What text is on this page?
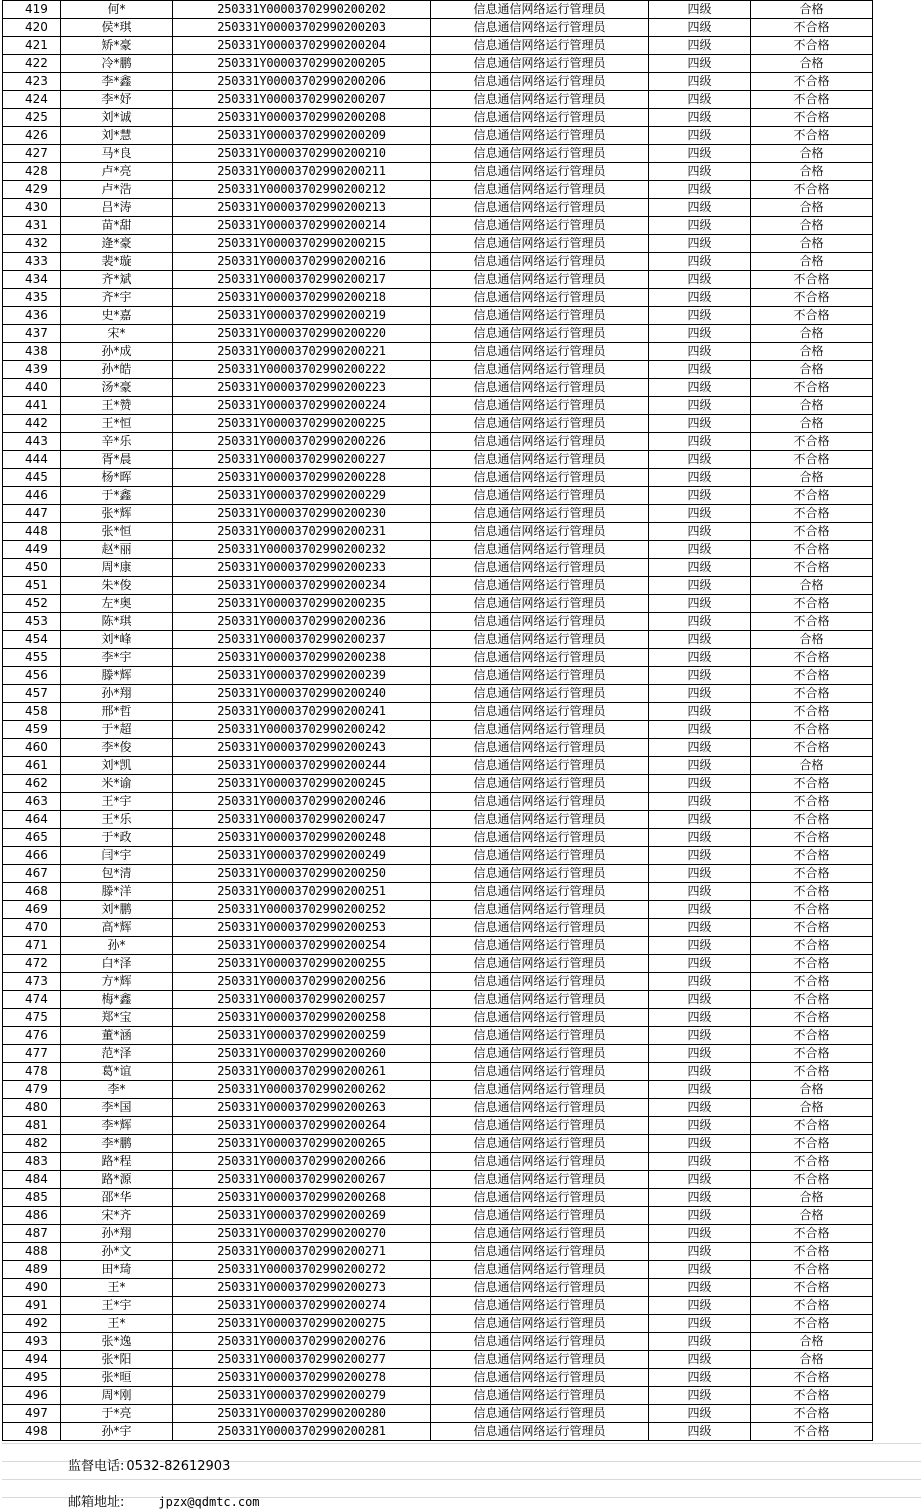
419	何*	250331Y00003702990200202	信息通信网络运行管理员	四级	合格
420	侯*琪	250331Y00003702990200203	信息通信网络运行管理员	四级	不合格
421	矫*豪	250331Y00003702990200204	信息通信网络运行管理员	四级	不合格
422	冷*鹏	250331Y00003702990200205	信息通信网络运行管理员	四级	合格
423	李*鑫	250331Y00003702990200206	信息通信网络运行管理员	四级	不合格
424	李*妤	250331Y00003702990200207	信息通信网络运行管理员	四级	不合格
425	刘*诚	250331Y00003702990200208	信息通信网络运行管理员	四级	不合格
426	刘*慧	250331Y00003702990200209	信息通信网络运行管理员	四级	不合格
427	马*良	250331Y00003702990200210	信息通信网络运行管理员	四级	合格
428	卢*亮	250331Y00003702990200211	信息通信网络运行管理员	四级	合格
429	卢*浩	250331Y00003702990200212	信息通信网络运行管理员	四级	不合格
430	吕*涛	250331Y00003702990200213	信息通信网络运行管理员	四级	合格
431	苗*甜	250331Y00003702990200214	信息通信网络运行管理员	四级	合格
432	逄*豪	250331Y00003702990200215	信息通信网络运行管理员	四级	合格
433	裴*璇	250331Y00003702990200216	信息通信网络运行管理员	四级	合格
434	齐*斌	250331Y00003702990200217	信息通信网络运行管理员	四级	不合格
435	齐*宇	250331Y00003702990200218	信息通信网络运行管理员	四级	不合格
436	史*嘉	250331Y00003702990200219	信息通信网络运行管理员	四级	不合格
437	宋*	250331Y00003702990200220	信息通信网络运行管理员	四级	合格
438	孙*成	250331Y00003702990200221	信息通信网络运行管理员	四级	合格
439	孙*皓	250331Y00003702990200222	信息通信网络运行管理员	四级	合格
440	汤*豪	250331Y00003702990200223	信息通信网络运行管理员	四级	不合格
441	王*赞	250331Y00003702990200224	信息通信网络运行管理员	四级	合格
442	王*恒	250331Y00003702990200225	信息通信网络运行管理员	四级	合格
443	辛*乐	250331Y00003702990200226	信息通信网络运行管理员	四级	不合格
444	胥*晨	250331Y00003702990200227	信息通信网络运行管理员	四级	不合格
445	杨*晖	250331Y00003702990200228	信息通信网络运行管理员	四级	合格
446	于*鑫	250331Y00003702990200229	信息通信网络运行管理员	四级	不合格
447	张*辉	250331Y00003702990200230	信息通信网络运行管理员	四级	不合格
448	张*恒	250331Y00003702990200231	信息通信网络运行管理员	四级	不合格
449	赵*丽	250331Y00003702990200232	信息通信网络运行管理员	四级	不合格
450	周*康	250331Y00003702990200233	信息通信网络运行管理员	四级	不合格
451	朱*俊	250331Y00003702990200234	信息通信网络运行管理员	四级	合格
452	左*奥	250331Y00003702990200235	信息通信网络运行管理员	四级	不合格
453	陈*琪	250331Y00003702990200236	信息通信网络运行管理员	四级	不合格
454	刘*峰	250331Y00003702990200237	信息通信网络运行管理员	四级	合格
455	李*宇	250331Y00003702990200238	信息通信网络运行管理员	四级	不合格
456	滕*辉	250331Y00003702990200239	信息通信网络运行管理员	四级	不合格
457	孙*翔	250331Y00003702990200240	信息通信网络运行管理员	四级	不合格
458	邢*哲	250331Y00003702990200241	信息通信网络运行管理员	四级	不合格
459	于*超	250331Y00003702990200242	信息通信网络运行管理员	四级	不合格
460	李*俊	250331Y00003702990200243	信息通信网络运行管理员	四级	不合格
461	刘*凯	250331Y00003702990200244	信息通信网络运行管理员	四级	合格
462	米*谕	250331Y00003702990200245	信息通信网络运行管理员	四级	不合格
463	王*宇	250331Y00003702990200246	信息通信网络运行管理员	四级	不合格
464	王*乐	250331Y00003702990200247	信息通信网络运行管理员	四级	不合格
465	于*政	250331Y00003702990200248	信息通信网络运行管理员	四级	不合格
466	闫*宇	250331Y00003702990200249	信息通信网络运行管理员	四级	不合格
467	包*清	250331Y00003702990200250	信息通信网络运行管理员	四级	不合格
468	滕*洋	250331Y00003702990200251	信息通信网络运行管理员	四级	不合格
469	刘*鹏	250331Y00003702990200252	信息通信网络运行管理员	四级	不合格
470	高*辉	250331Y00003702990200253	信息通信网络运行管理员	四级	不合格
471	孙*	250331Y00003702990200254	信息通信网络运行管理员	四级	不合格
472	白*泽	250331Y00003702990200255	信息通信网络运行管理员	四级	不合格
473	方*辉	250331Y00003702990200256	信息通信网络运行管理员	四级	不合格
474	梅*鑫	250331Y00003702990200257	信息通信网络运行管理员	四级	不合格
475	郑*宝	250331Y00003702990200258	信息通信网络运行管理员	四级	不合格
476	董*涵	250331Y00003702990200259	信息通信网络运行管理员	四级	不合格
477	范*泽	250331Y00003702990200260	信息通信网络运行管理员	四级	不合格
478	葛*谊	250331Y00003702990200261	信息通信网络运行管理员	四级	不合格
479	李*	250331Y00003702990200262	信息通信网络运行管理员	四级	合格
480	李*国	250331Y00003702990200263	信息通信网络运行管理员	四级	合格
481	李*辉	250331Y00003702990200264	信息通信网络运行管理员	四级	不合格
482	李*鹏	250331Y00003702990200265	信息通信网络运行管理员	四级	不合格
483	路*程	250331Y00003702990200266	信息通信网络运行管理员	四级	不合格
484	路*源	250331Y00003702990200267	信息通信网络运行管理员	四级	不合格
485	邵*华	250331Y00003702990200268	信息通信网络运行管理员	四级	合格
486	宋*齐	250331Y00003702990200269	信息通信网络运行管理员	四级	合格
487	孙*翔	250331Y00003702990200270	信息通信网络运行管理员	四级	不合格
488	孙*文	250331Y00003702990200271	信息通信网络运行管理员	四级	不合格
489	田*琦	250331Y00003702990200272	信息通信网络运行管理员	四级	不合格
490	王*	250331Y00003702990200273	信息通信网络运行管理员	四级	不合格
491	王*宇	250331Y00003702990200274	信息通信网络运行管理员	四级	不合格
492	王*	250331Y00003702990200275	信息通信网络运行管理员	四级	不合格
493	张*逸	250331Y00003702990200276	信息通信网络运行管理员	四级	合格
494	张*阳	250331Y00003702990200277	信息通信网络运行管理员	四级	合格
495	张*晅	250331Y00003702990200278	信息通信网络运行管理员	四级	不合格
496	周*刚	250331Y00003702990200279	信息通信网络运行管理员	四级	不合格
497	于*亮	250331Y00003702990200280	信息通信网络运行管理员	四级	不合格
498	孙*宇	250331Y00003702990200281	信息通信网络运行管理员	四级	不合格
监督电话: 0532-82612903
邮箱地址:	jpzx@qdmtc.com
